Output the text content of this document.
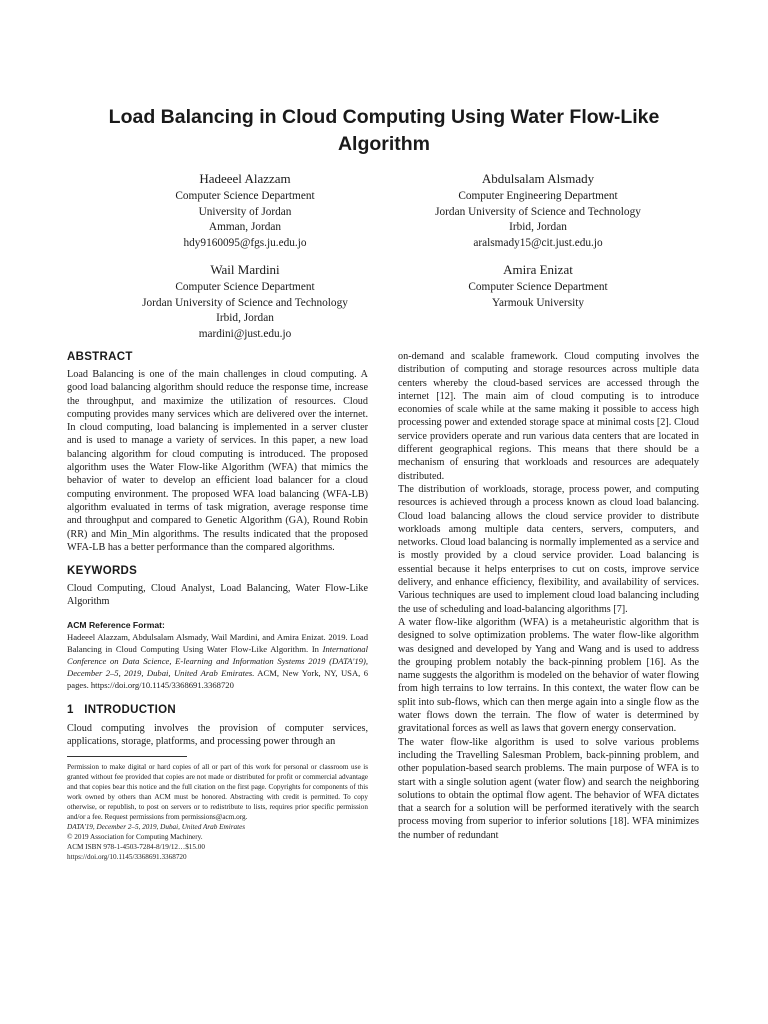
Load Balancing in Cloud Computing Using Water Flow-Like Algorithm
Hadeeel Alazzam
Computer Science Department
University of Jordan
Amman, Jordan
hdy9160095@fgs.ju.edu.jo
Abdulsalam Alsmady
Computer Engineering Department
Jordan University of Science and Technology
Irbid, Jordan
aralsmady15@cit.just.edu.jo
Wail Mardini
Computer Science Department
Jordan University of Science and Technology
Irbid, Jordan
mardini@just.edu.jo
Amira Enizat
Computer Science Department
Yarmouk University
ABSTRACT

Load Balancing is one of the main challenges in cloud computing. A good load balancing algorithm should reduce the response time, increase the throughput, and maximize the utilization of resources. Cloud computing provides many services which are delivered over the internet. In cloud computing, load balancing is implemented in a server cluster and is used to manage a variety of services. In this paper, a new load balancing algorithm for cloud computing is introduced. The proposed algorithm uses the Water Flow-like Algorithm (WFA) that mimics the behavior of water to develop an efficient load balancer for a cloud computing environment. The proposed WFA load balancing (WFA-LB) algorithm evaluated in terms of task migration, average response time and throughput and compared to Genetic Algorithm (GA), Round Robin (RR) and Min_Min algorithms. The results indicated that the proposed WFA-LB has a better performance than the compared algorithms.

KEYWORDS

Cloud Computing, Cloud Analyst, Load Balancing, Water Flow-Like Algorithm

ACM Reference Format:
Hadeeel Alazzam, Abdulsalam Alsmady, Wail Mardini, and Amira Enizat. 2019. Load Balancing in Cloud Computing Using Water Flow-Like Algorithm. In International Conference on Data Science, E-learning and Information Systems 2019 (DATA'19), December 2–5, 2019, Dubai, United Arab Emirates. ACM, New York, NY, USA, 6 pages. https://doi.org/10.1145/3368691.3368720
1 INTRODUCTION

Cloud computing involves the provision of computer services, applications, storage, platforms, and processing power through an

Permission to make digital or hard copies of all or part of this work for personal or classroom use is granted without fee provided that copies are not made or distributed for profit or commercial advantage and that copies bear this notice and the full citation on the first page. Copyrights for components of this work owned by others than ACM must be honored. Abstracting with credit is permitted. To copy otherwise, or republish, to post on servers or to redistribute to lists, requires prior specific permission and/or a fee. Request permissions from permissions@acm.org.
DATA'19, December 2–5, 2019, Dubai, United Arab Emirates
© 2019 Association for Computing Machinery.
ACM ISBN 978-1-4503-7284-8/19/12…$15.00
https://doi.org/10.1145/3368691.3368720

on-demand and scalable framework. Cloud computing involves the distribution of computing and storage resources across multiple data centers whereby the cloud-based services are accessed through the internet [12]. The main aim of cloud computing is to introduce economies of scale while at the same making it possible to access high processing power and extended storage space at minimal costs [2]. Cloud service providers operate and run various data centers that are located in different geographical regions. This means that there should be a mechanism of ensuring that workloads and resources are adequately distributed.

The distribution of workloads, storage, process power, and computing resources is achieved through a process known as cloud load balancing. Cloud load balancing allows the cloud service provider to distribute workloads among multiple data centers, servers, computers, and networks. Cloud load balancing is normally implemented as a service and is mostly provided by a cloud service provider. Load balancing is essential because it helps enterprises to cut on costs, improve service delivery, and enhance efficiency, flexibility, and availability of services. Various techniques are used to implement cloud load balancing including the use of scheduling and load-balancing algorithms [7].

A water flow-like algorithm (WFA) is a metaheuristic algorithm that is designed to solve optimization problems. The water flow-like algorithm was designed and developed by Yang and Wang and is used to address the grouping problem notably the back-pinning problem [16]. As the name suggests the algorithm is modeled on the behavior of water flowing from high terrains to low terrains. In this context, the water flow can be split into sub-flows, which can then merge again into a single flow as the water flows down the terrain. The flow of water is determined by gravitational forces as well as laws that govern energy conservation.

The water flow-like algorithm is used to solve various problems including the Travelling Salesman Problem, back-pinning problem, and other population-based search problems. The main purpose of WFA is to start with a single solution agent (water flow) and search the neighboring solutions to obtain the optimal flow agent. The behavior of WFA dictates that a search for a solution will be performed iteratively with the search process moving from superior to inferior solutions [18]. WFA minimizes the number of redundant
